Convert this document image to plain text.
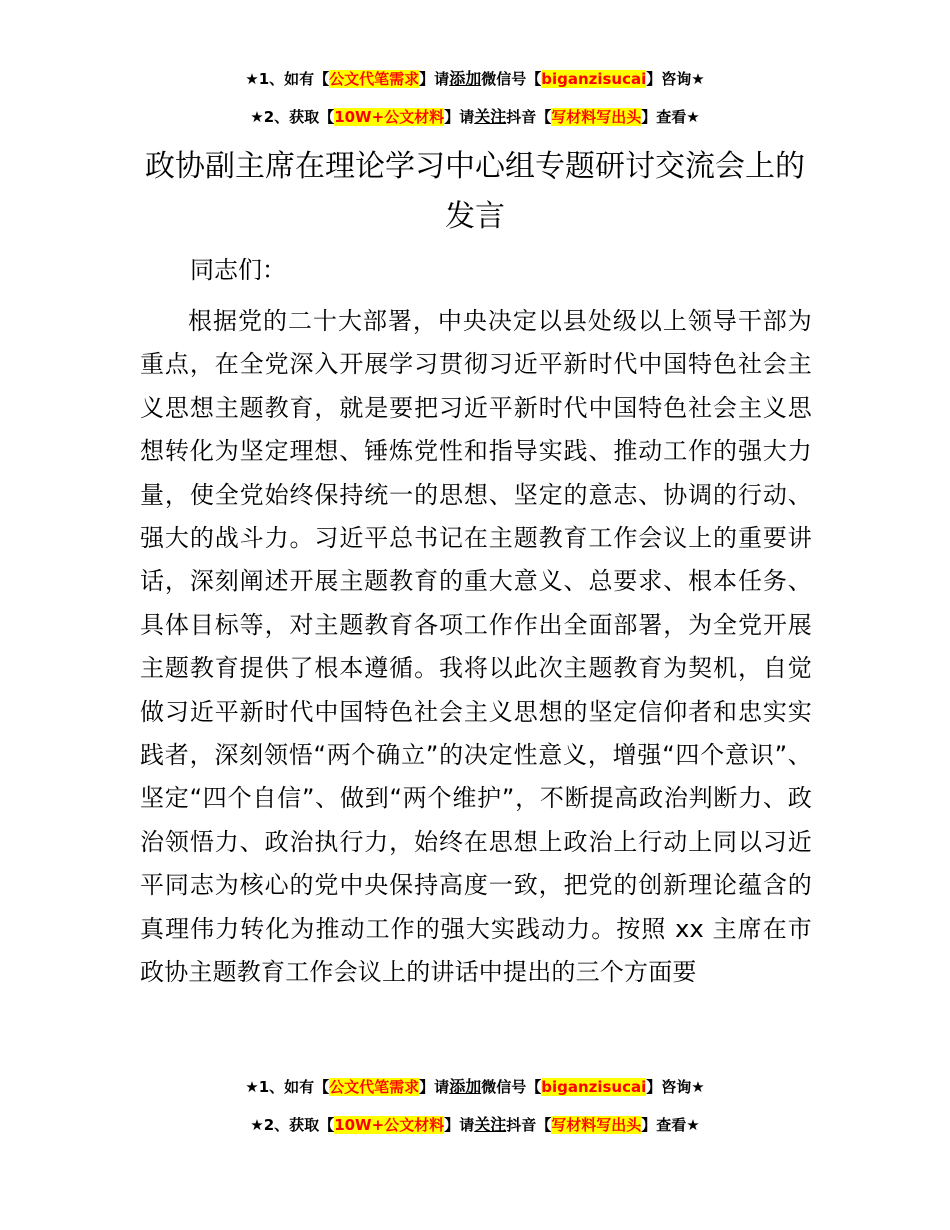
★1、如有【公文代笔需求】请添加微信号【biganzisucai】咨询★
★2、获取【10W+公文材料】请关注抖音【写材料写出头】查看★
政协副主席在理论学习中心组专题研讨交流会上的发言

同志们：

根据党的二十大部署，中央决定以县处级以上领导干部为重点，在全党深入开展学习贯彻习近平新时代中国特色社会主义思想主题教育，就是要把习近平新时代中国特色社会主义思想转化为坚定理想、锤炼党性和指导实践、推动工作的强大力量，使全党始终保持统一的思想、坚定的意志、协调的行动、强大的战斗力。习近平总书记在主题教育工作会议上的重要讲话，深刻阐述开展主题教育的重大意义、总要求、根本任务、具体目标等，对主题教育各项工作作出全面部署，为全党开展主题教育提供了根本遵循。我将以此次主题教育为契机，自觉做习近平新时代中国特色社会主义思想的坚定信仰者和忠实实践者，深刻领悟“两个确立”的决定性意义，增强“四个意识”、坚定“四个自信”、做到“两个维护”，不断提高政治判断力、政治领悟力、政治执行力，始终在思想上政治上行动上同以习近平同志为核心的党中央保持高度一致，把党的创新理论蕴含的真理伟力转化为推动工作的强大实践动力。按照 xx 主席在市政协主题教育工作会议上的讲话中提出的三个方面要

★1、如有【公文代笔需求】请添加微信号【biganzisucai】咨询★
★2、获取【10W+公文材料】请关注抖音【写材料写出头】查看★
